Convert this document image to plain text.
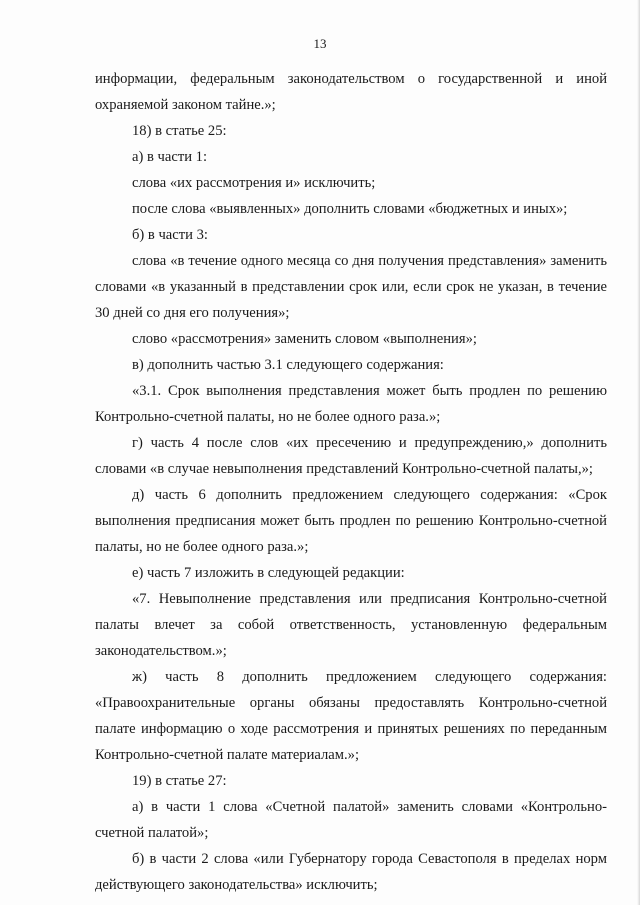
13

информации, федеральным законодательством о государственной и иной охраняемой законом тайне.»;

18) в статье 25:

а) в части 1:

слова «их рассмотрения и» исключить;

после слова «выявленных» дополнить словами «бюджетных и иных»;

б) в части 3:

слова «в течение одного месяца со дня получения представления» заменить словами «в указанный в представлении срок или, если срок не указан, в течение 30 дней со дня его получения»;

слово «рассмотрения» заменить словом «выполнения»;

в) дополнить частью 3.1 следующего содержания:

«3.1. Срок выполнения представления может быть продлен по решению Контрольно-счетной палаты, но не более одного раза.»;

г) часть 4 после слов «их пресечению и предупреждению,» дополнить словами «в случае невыполнения представлений Контрольно-счетной палаты,»;

д) часть 6 дополнить предложением следующего содержания: «Срок выполнения предписания может быть продлен по решению Контрольно-счетной палаты, но не более одного раза.»;

е) часть 7 изложить в следующей редакции:

«7. Невыполнение представления или предписания Контрольно-счетной палаты влечет за собой ответственность, установленную федеральным законодательством.»;

ж) часть 8 дополнить предложением следующего содержания: «Правоохранительные органы обязаны предоставлять Контрольно-счетной палате информацию о ходе рассмотрения и принятых решениях по переданным Контрольно-счетной палате материалам.»;

19) в статье 27:

а) в части 1 слова «Счетной палатой» заменить словами «Контрольно-счетной палатой»;

б) в части 2 слова «или Губернатору города Севастополя в пределах норм действующего законодательства» исключить;
